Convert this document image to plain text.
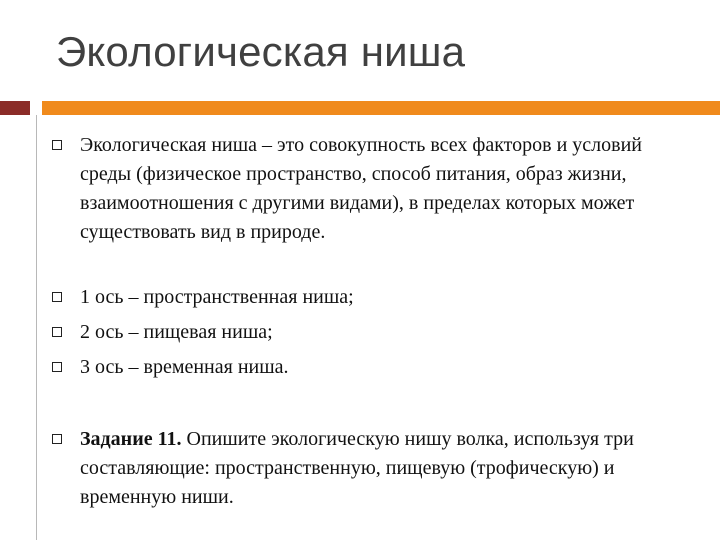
Экологическая ниша
Экологическая ниша – это совокупность всех факторов и условий среды (физическое пространство, способ питания, образ жизни, взаимоотношения с другими видами), в пределах которых может существовать вид в природе.
1 ось – пространственная ниша;
2 ось – пищевая ниша;
3 ось – временная ниша.
Задание 11. Опишите экологическую нишу волка, используя три составляющие: пространственную, пищевую (трофическую) и временную ниши.
